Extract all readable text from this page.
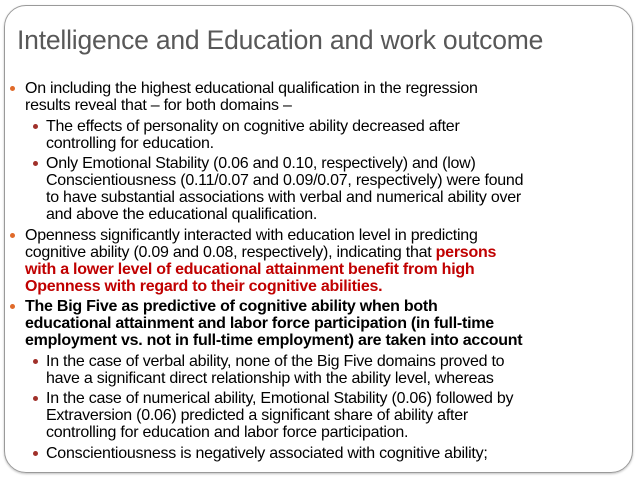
Intelligence and Education and work outcome
On including the highest educational qualification in the regression
results reveal that – for both domains –
The effects of personality on cognitive ability decreased after
controlling for education.
Only Emotional Stability (0.06 and 0.10, respectively) and (low)
Conscientiousness (0.11/0.07 and 0.09/0.07, respectively) were found
to have substantial associations with verbal and numerical ability over
and above the educational qualification.
Openness significantly interacted with education level in predicting
cognitive ability (0.09 and 0.08, respectively), indicating that persons
with a lower level of educational attainment benefit from high
Openness with regard to their cognitive abilities.
The Big Five as predictive of cognitive ability when both
educational attainment and labor force participation (in full-time
employment vs. not in full-time employment) are taken into account
In the case of verbal ability, none of the Big Five domains proved to
have a significant direct relationship with the ability level, whereas
In the case of numerical ability, Emotional Stability (0.06) followed by
Extraversion (0.06) predicted a significant share of ability after
controlling for education and labor force participation.
Conscientiousness is negatively associated with cognitive ability;
